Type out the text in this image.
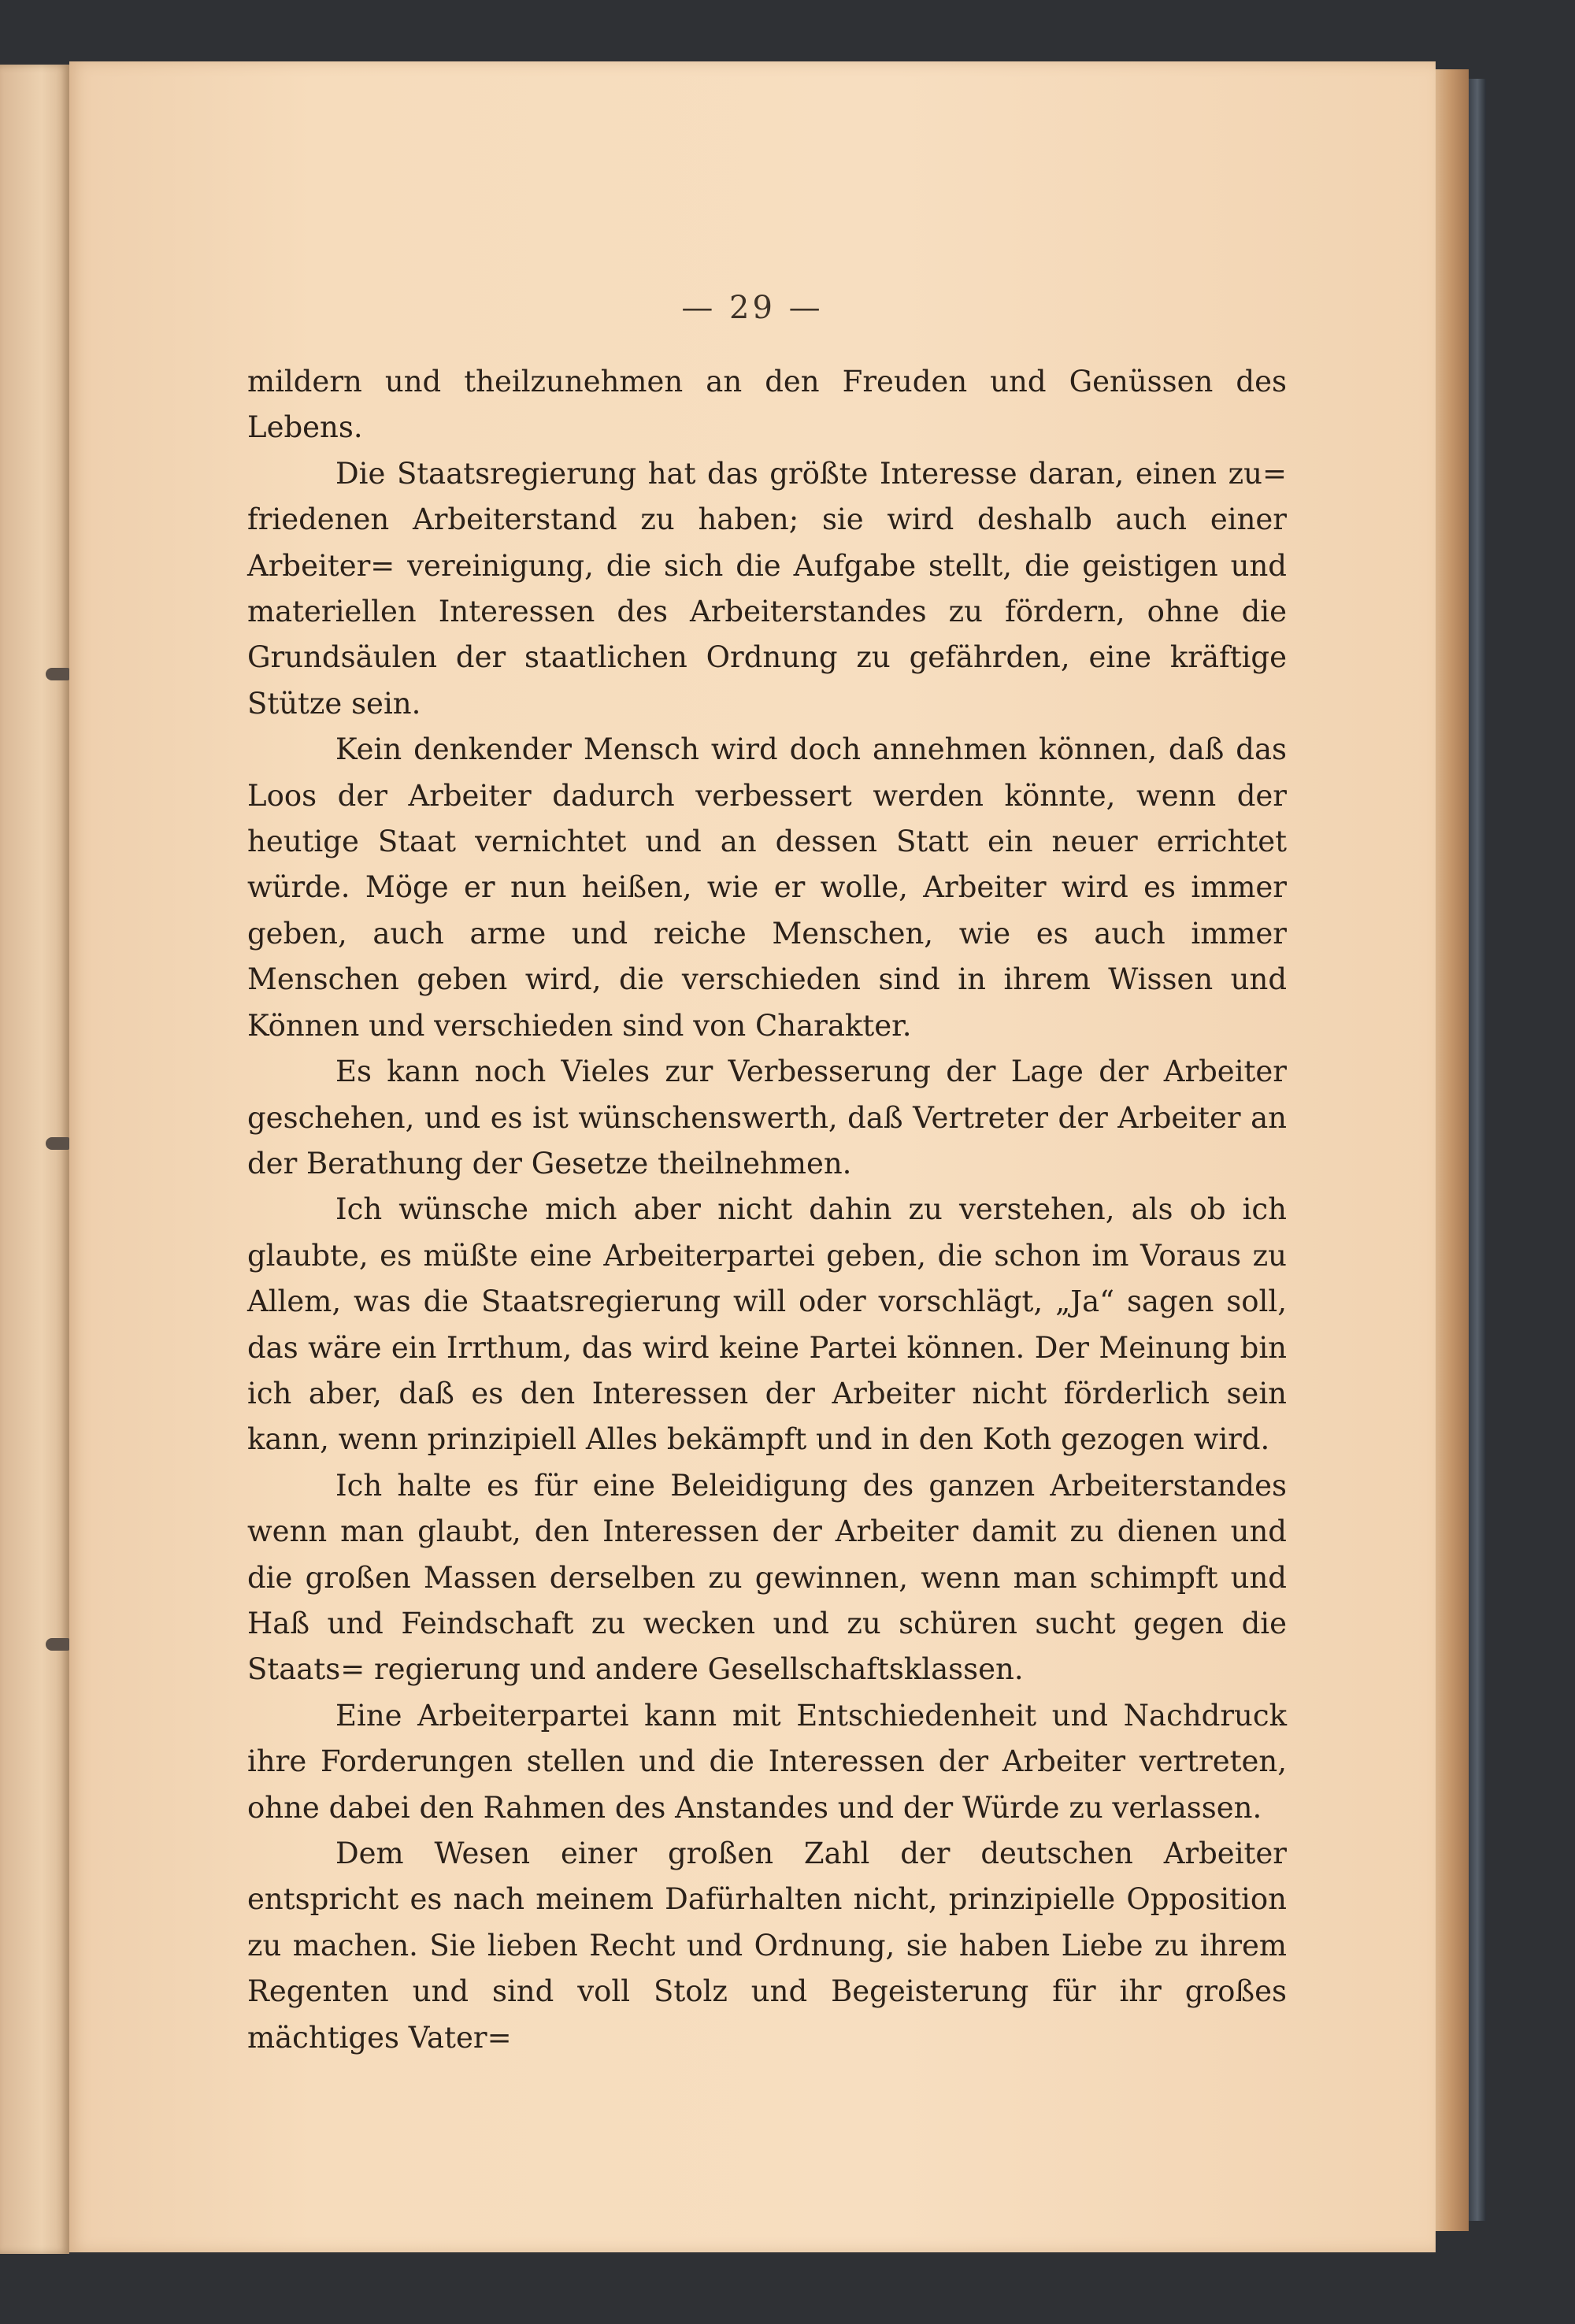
— 29 —

mildern und theilzunehmen an den Freuden und Genüssen des Lebens.

Die Staatsregierung hat das größte Interesse daran, einen zu= friedenen Arbeiterstand zu haben; sie wird deshalb auch einer Arbeiter= vereinigung, die sich die Aufgabe stellt, die geistigen und materiellen Interessen des Arbeiterstandes zu fördern, ohne die Grundsäulen der staatlichen Ordnung zu gefährden, eine kräftige Stütze sein.

Kein denkender Mensch wird doch annehmen können, daß das Loos der Arbeiter dadurch verbessert werden könnte, wenn der heutige Staat vernichtet und an dessen Statt ein neuer errichtet würde. Möge er nun heißen, wie er wolle, Arbeiter wird es immer geben, auch arme und reiche Menschen, wie es auch immer Menschen geben wird, die verschieden sind in ihrem Wissen und Können und verschieden sind von Charakter.

Es kann noch Vieles zur Verbesserung der Lage der Arbeiter geschehen, und es ist wünschenswerth, daß Vertreter der Arbeiter an der Berathung der Gesetze theilnehmen.

Ich wünsche mich aber nicht dahin zu verstehen, als ob ich glaubte, es müßte eine Arbeiterpartei geben, die schon im Voraus zu Allem, was die Staatsregierung will oder vorschlägt, „Ja“ sagen soll, das wäre ein Irrthum, das wird keine Partei können. Der Meinung bin ich aber, daß es den Interessen der Arbeiter nicht förderlich sein kann, wenn prinzipiell Alles bekämpft und in den Koth gezogen wird.

Ich halte es für eine Beleidigung des ganzen Arbeiterstandes wenn man glaubt, den Interessen der Arbeiter damit zu dienen und die großen Massen derselben zu gewinnen, wenn man schimpft und Haß und Feindschaft zu wecken und zu schüren sucht gegen die Staats= regierung und andere Gesellschaftsklassen.

Eine Arbeiterpartei kann mit Entschiedenheit und Nachdruck ihre Forderungen stellen und die Interessen der Arbeiter vertreten, ohne dabei den Rahmen des Anstandes und der Würde zu verlassen.

Dem Wesen einer großen Zahl der deutschen Arbeiter entspricht es nach meinem Dafürhalten nicht, prinzipielle Opposition zu machen. Sie lieben Recht und Ordnung, sie haben Liebe zu ihrem Regenten und sind voll Stolz und Begeisterung für ihr großes mächtiges Vater=
